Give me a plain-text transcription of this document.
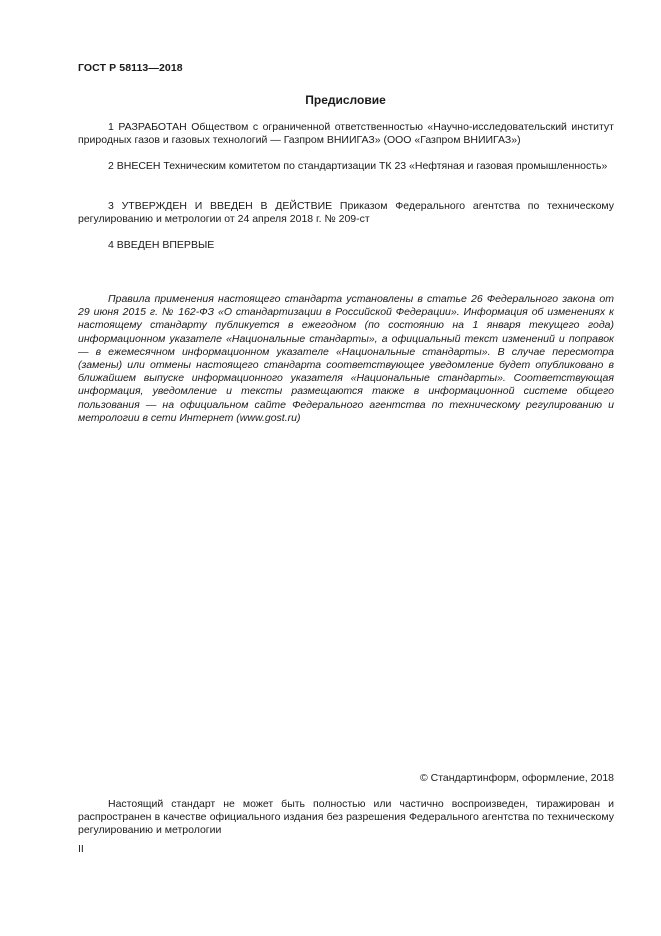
ГОСТ Р 58113—2018
Предисловие
1 РАЗРАБОТАН Обществом с ограниченной ответственностью «Научно-исследовательский институт природных газов и газовых технологий — Газпром ВНИИГАЗ» (ООО «Газпром ВНИИГАЗ»)
2 ВНЕСЕН Техническим комитетом по стандартизации ТК 23 «Нефтяная и газовая промышленность»
3 УТВЕРЖДЕН И ВВЕДЕН В ДЕЙСТВИЕ Приказом Федерального агентства по техническому регулированию и метрологии от 24 апреля 2018 г. № 209-ст
4 ВВЕДЕН ВПЕРВЫЕ
Правила применения настоящего стандарта установлены в статье 26 Федерального закона от 29 июня 2015 г. № 162-ФЗ «О стандартизации в Российской Федерации». Информация об изменениях к настоящему стандарту публикуется в ежегодном (по состоянию на 1 января текущего года) информационном указателе «Национальные стандарты», а официальный текст изменений и поправок — в ежемесячном информационном указателе «Национальные стандарты». В случае пересмотра (замены) или отмены настоящего стандарта соответствующее уведомление будет опубликовано в ближайшем выпуске информационного указателя «Национальные стандарты». Соответствующая информация, уведомление и тексты размещаются также в информационной системе общего пользования — на официальном сайте Федерального агентства по техническому регулированию и метрологии в сети Интернет (www.gost.ru)
© Стандартинформ, оформление, 2018
Настоящий стандарт не может быть полностью или частично воспроизведен, тиражирован и распространен в качестве официального издания без разрешения Федерального агентства по техническому регулированию и метрологии
II
